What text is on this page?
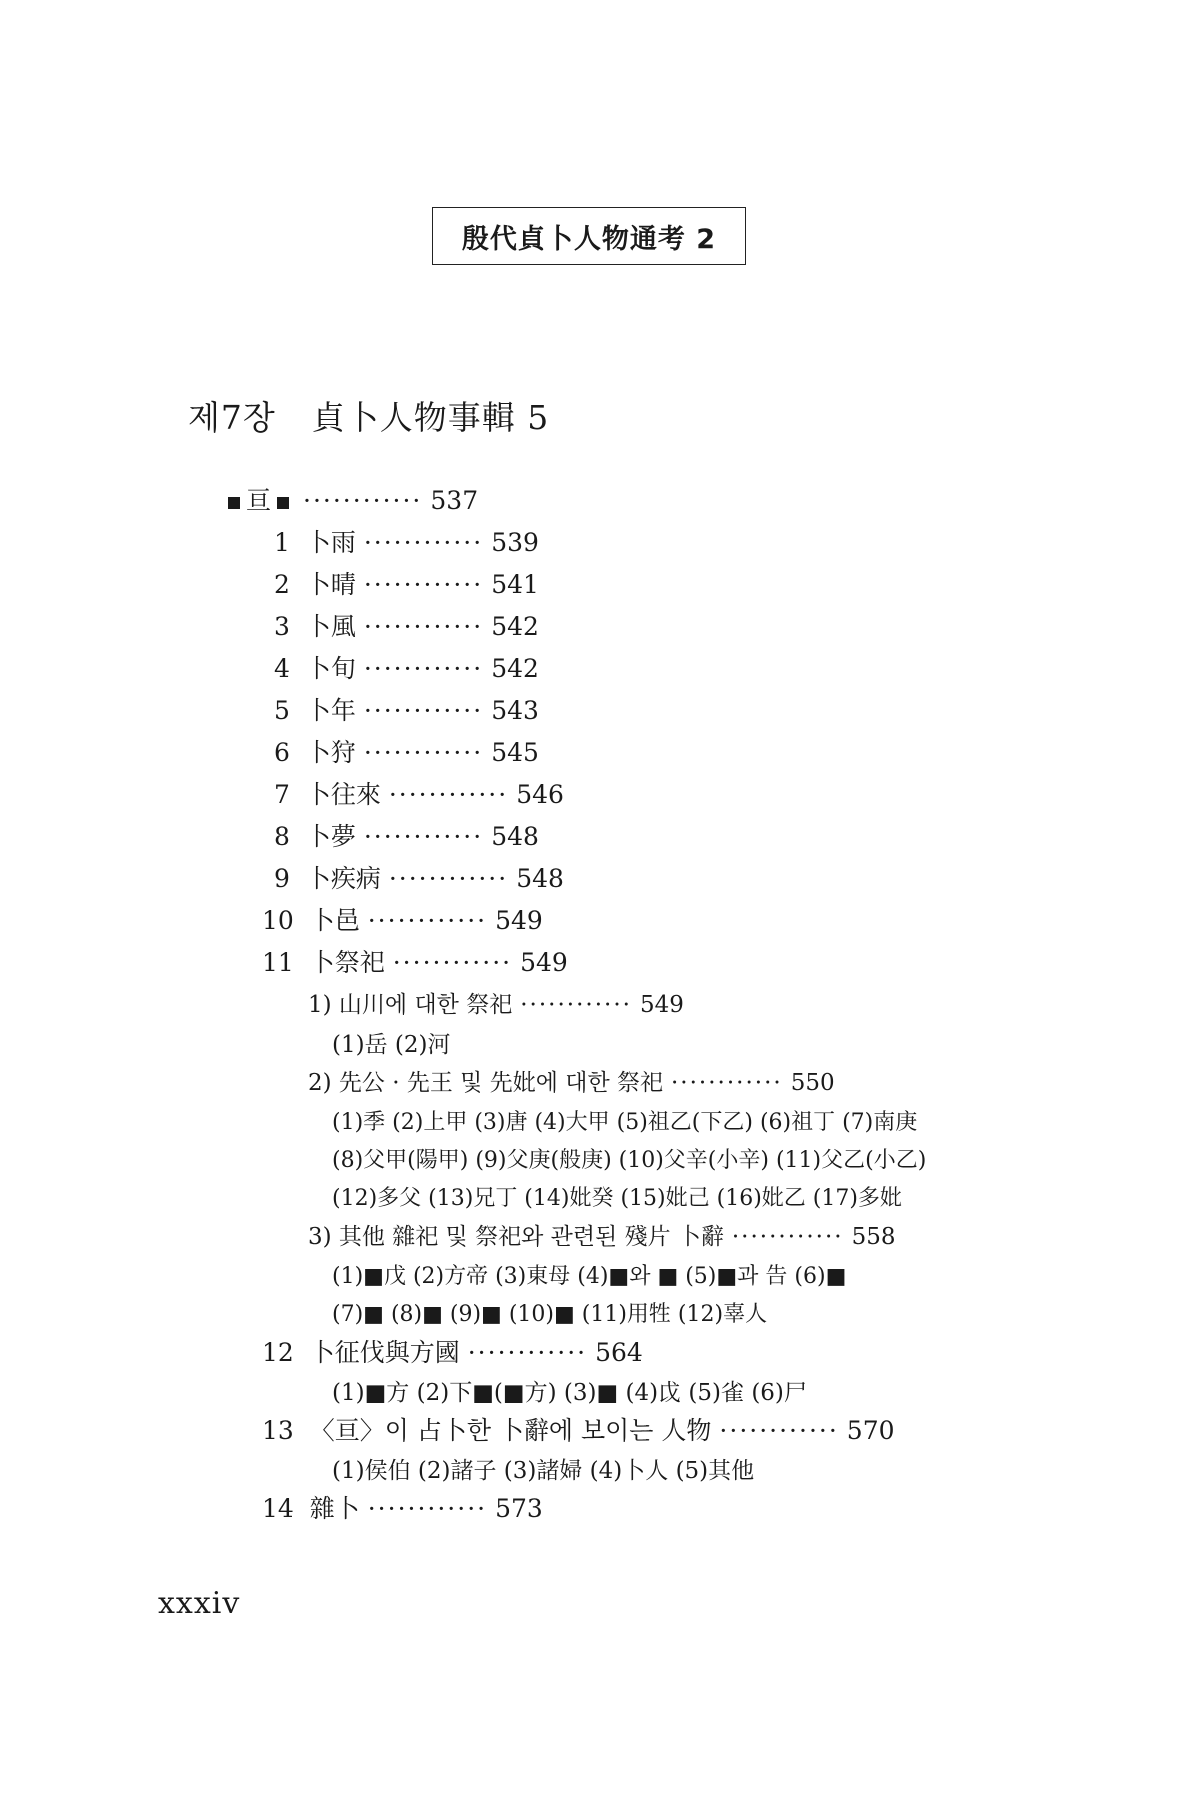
殷代貞卜人物通考 2
제7장 貞卜人物事輯 5
亘 ············ 537
1 卜雨 ············ 539
2 卜晴 ············ 541
3 卜風 ············ 542
4 卜旬 ············ 542
5 卜年 ············ 543
6 卜狩 ············ 545
7 卜往來 ············ 546
8 卜夢 ············ 548
9 卜疾病 ············ 548
10 卜邑 ············ 549
11 卜祭祀 ············ 549
1) 山川에 대한 祭祀 ············ 549
(1)岳 (2)河
2) 先公 · 先王 및 先妣에 대한 祭祀 ············ 550
(1)季 (2)上甲 (3)唐 (4)大甲 (5)祖乙(下乙) (6)祖丁 (7)南庚
(8)父甲(陽甲) (9)父庚(般庚) (10)父辛(小辛) (11)父乙(小乙)
(12)多父 (13)兄丁 (14)妣癸 (15)妣己 (16)妣乙 (17)多妣
3) 其他 雜祀 및 祭祀와 관련된 殘片 卜辭 ············ 558
(1)■戊 (2)方帝 (3)東母 (4)■와 ■ (5)■과 告 (6)■
(7)■ (8)■ (9)■ (10)■ (11)用牲 (12)辜人
12 卜征伐與方國 ············ 564
(1)■方 (2)下■(■方) (3)■ (4)戉 (5)雀 (6)尸
13 〈亘〉이 占卜한 卜辭에 보이는 人物 ············ 570
(1)侯伯 (2)諸子 (3)諸婦 (4)卜人 (5)其他
14 雜卜 ············ 573
xxxiv
